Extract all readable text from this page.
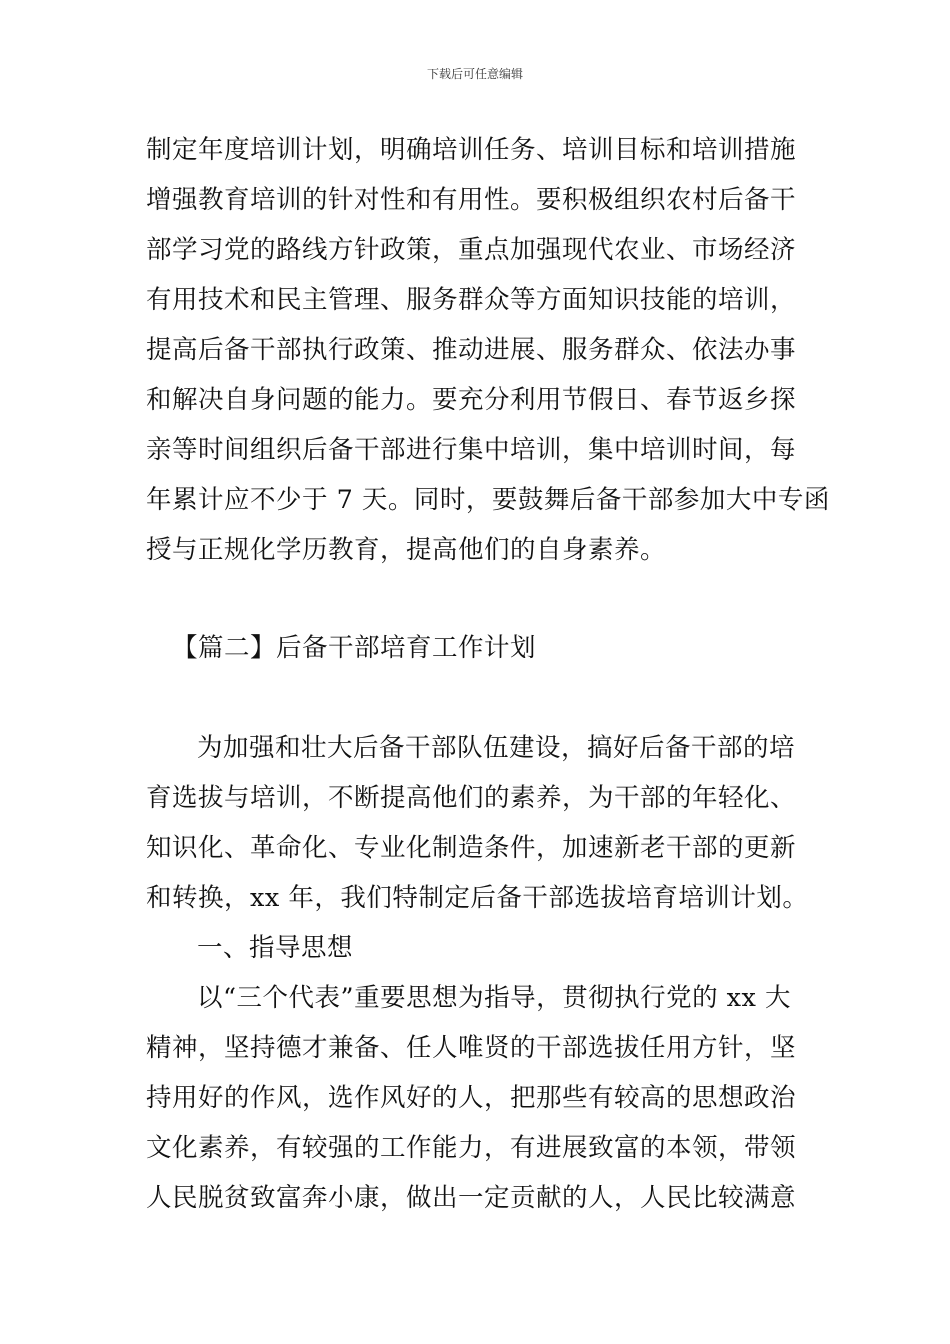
下载后可任意编辑
制定年度培训计划，明确培训任务、培训目标和培训措施
增强教育培训的针对性和有用性。要积极组织农村后备干
部学习党的路线方针政策，重点加强现代农业、市场经济
有用技术和民主管理、服务群众等方面知识技能的培训，
提高后备干部执行政策、推动进展、服务群众、依法办事
和解决自身问题的能力。要充分利用节假日、春节返乡探
亲等时间组织后备干部进行集中培训，集中培训时间，每
年累计应不少于 7 天。同时，要鼓舞后备干部参加大中专函
授与正规化学历教育，提高他们的自身素养。
【篇二】后备干部培育工作计划
为加强和壮大后备干部队伍建设，搞好后备干部的培
育选拔与培训，不断提高他们的素养，为干部的年轻化、
知识化、革命化、专业化制造条件，加速新老干部的更新
和转换，xx 年，我们特制定后备干部选拔培育培训计划。
一、指导思想
以“三个代表”重要思想为指导，贯彻执行党的 xx 大
精神，坚持德才兼备、任人唯贤的干部选拔任用方针，坚
持用好的作风，选作风好的人，把那些有较高的思想政治
文化素养，有较强的工作能力，有进展致富的本领，带领
人民脱贫致富奔小康，做出一定贡献的人，人民比较满意
